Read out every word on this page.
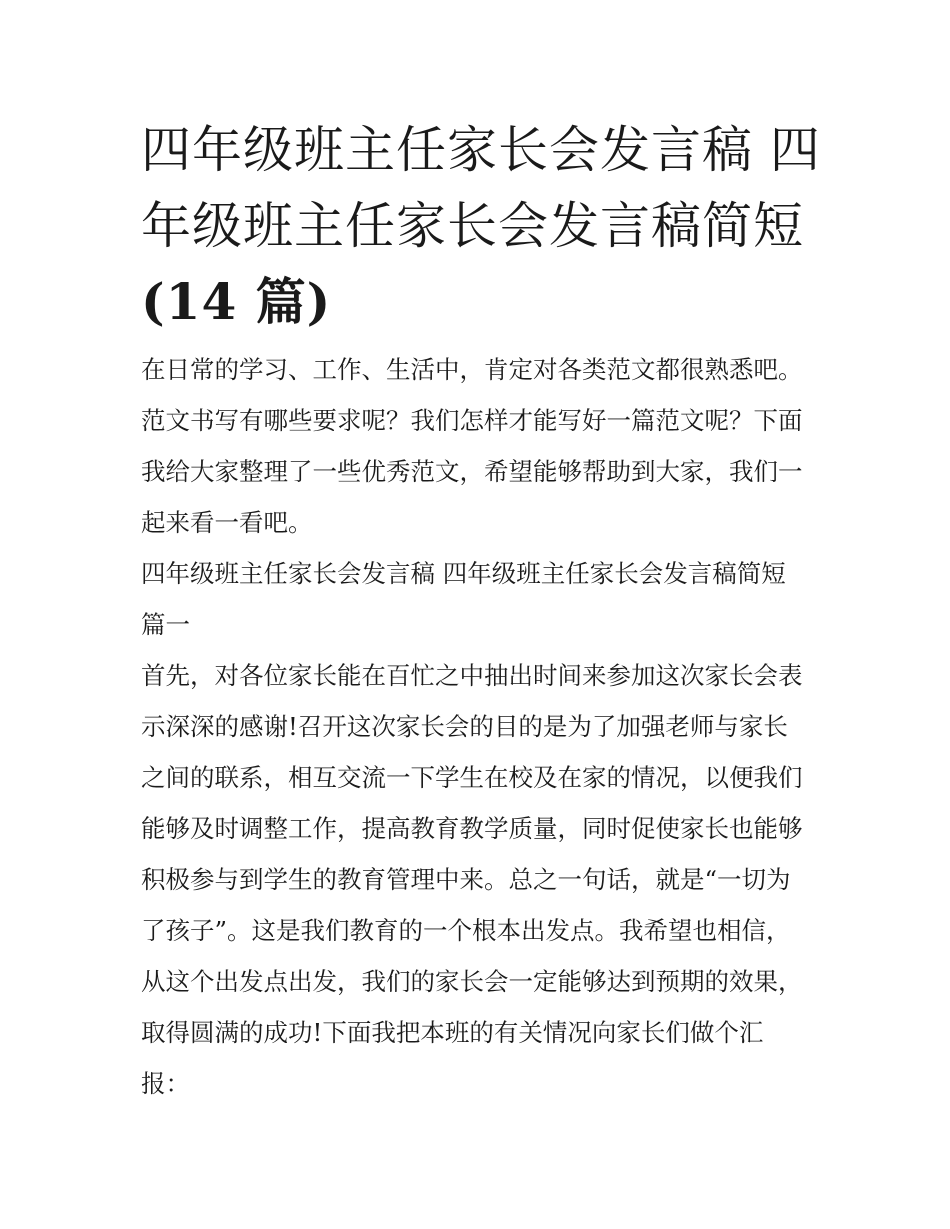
四年级班主任家长会发言稿 四
年级班主任家长会发言稿简短
(14 篇)
在日常的学习、工作、生活中，肯定对各类范文都很熟悉吧。
范文书写有哪些要求呢？我们怎样才能写好一篇范文呢？下面
我给大家整理了一些优秀范文，希望能够帮助到大家，我们一
起来看一看吧。
四年级班主任家长会发言稿 四年级班主任家长会发言稿简短
篇一
首先，对各位家长能在百忙之中抽出时间来参加这次家长会表
示深深的感谢!召开这次家长会的目的是为了加强老师与家长
之间的联系，相互交流一下学生在校及在家的情况，以便我们
能够及时调整工作，提高教育教学质量，同时促使家长也能够
积极参与到学生的教育管理中来。总之一句话，就是“一切为
了孩子”。这是我们教育的一个根本出发点。我希望也相信，
从这个出发点出发，我们的家长会一定能够达到预期的效果，
取得圆满的成功!下面我把本班的有关情况向家长们做个汇
报：
